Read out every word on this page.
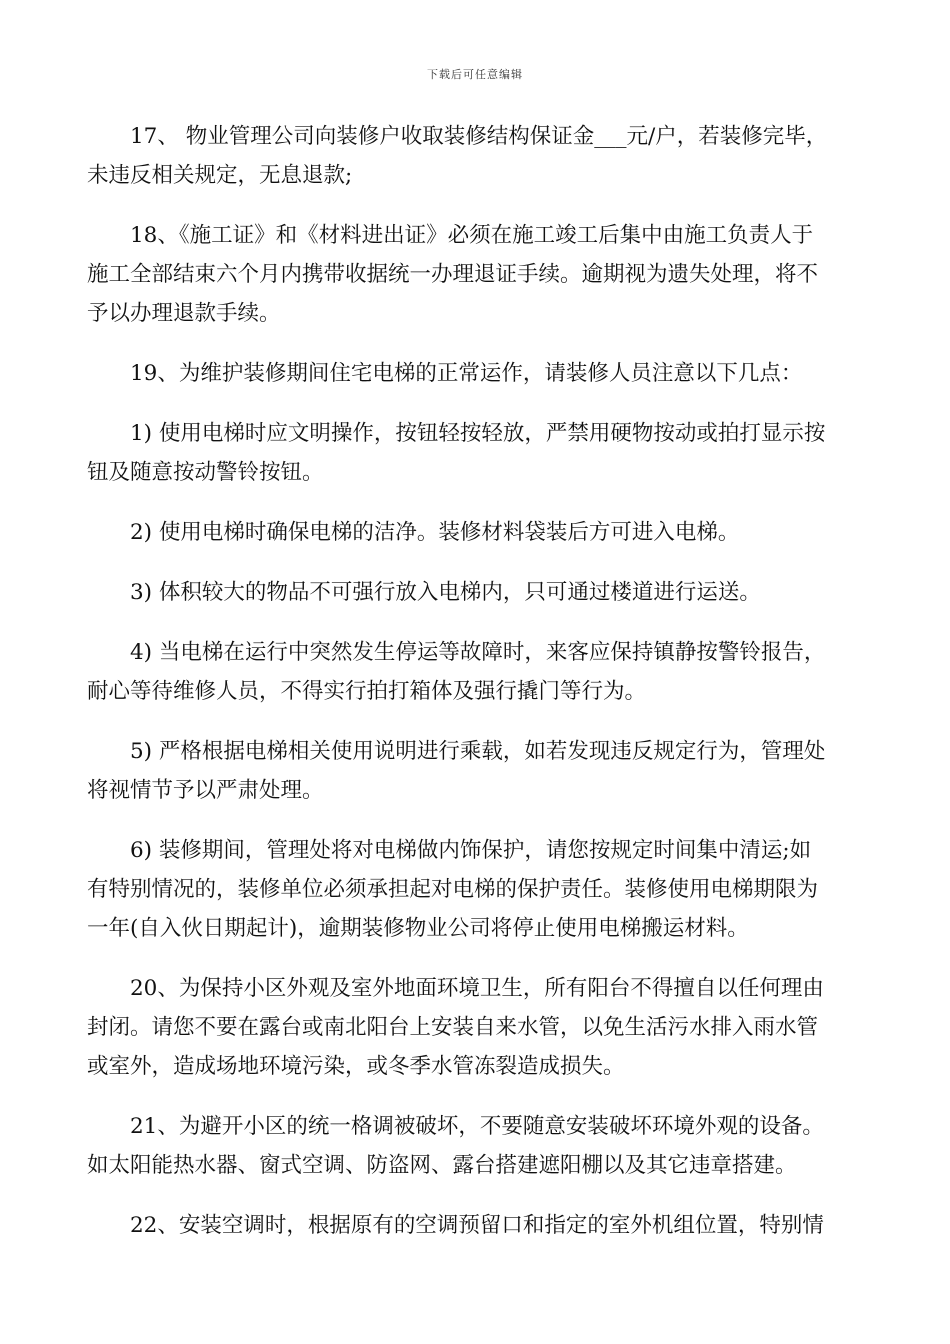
下载后可任意编辑

17、 物业管理公司向装修户收取装修结构保证金___元/户，若装修完毕，
未违反相关规定，无息退款;

18、《施工证》和《材料进出证》必须在施工竣工后集中由施工负责人于
施工全部结束六个月内携带收据统一办理退证手续。逾期视为遗失处理，将不
予以办理退款手续。

19、为维护装修期间住宅电梯的正常运作，请装修人员注意以下几点：

1) 使用电梯时应文明操作，按钮轻按轻放，严禁用硬物按动或拍打显示按
钮及随意按动警铃按钮。

2) 使用电梯时确保电梯的洁净。装修材料袋装后方可进入电梯。

3) 体积较大的物品不可强行放入电梯内，只可通过楼道进行运送。

4) 当电梯在运行中突然发生停运等故障时，来客应保持镇静按警铃报告，
耐心等待维修人员，不得实行拍打箱体及强行撬门等行为。

5) 严格根据电梯相关使用说明进行乘载，如若发现违反规定行为，管理处
将视情节予以严肃处理。

6) 装修期间，管理处将对电梯做内饰保护，请您按规定时间集中清运;如
有特别情况的，装修单位必须承担起对电梯的保护责任。装修使用电梯期限为
一年(自入伙日期起计)，逾期装修物业公司将停止使用电梯搬运材料。

20、为保持小区外观及室外地面环境卫生，所有阳台不得擅自以任何理由
封闭。请您不要在露台或南北阳台上安装自来水管，以免生活污水排入雨水管
或室外，造成场地环境污染，或冬季水管冻裂造成损失。

21、为避开小区的统一格调被破坏，不要随意安装破坏环境外观的设备。
如太阳能热水器、窗式空调、防盗网、露台搭建遮阳棚以及其它违章搭建。

22、安装空调时，根据原有的空调预留口和指定的室外机组位置，特别情
